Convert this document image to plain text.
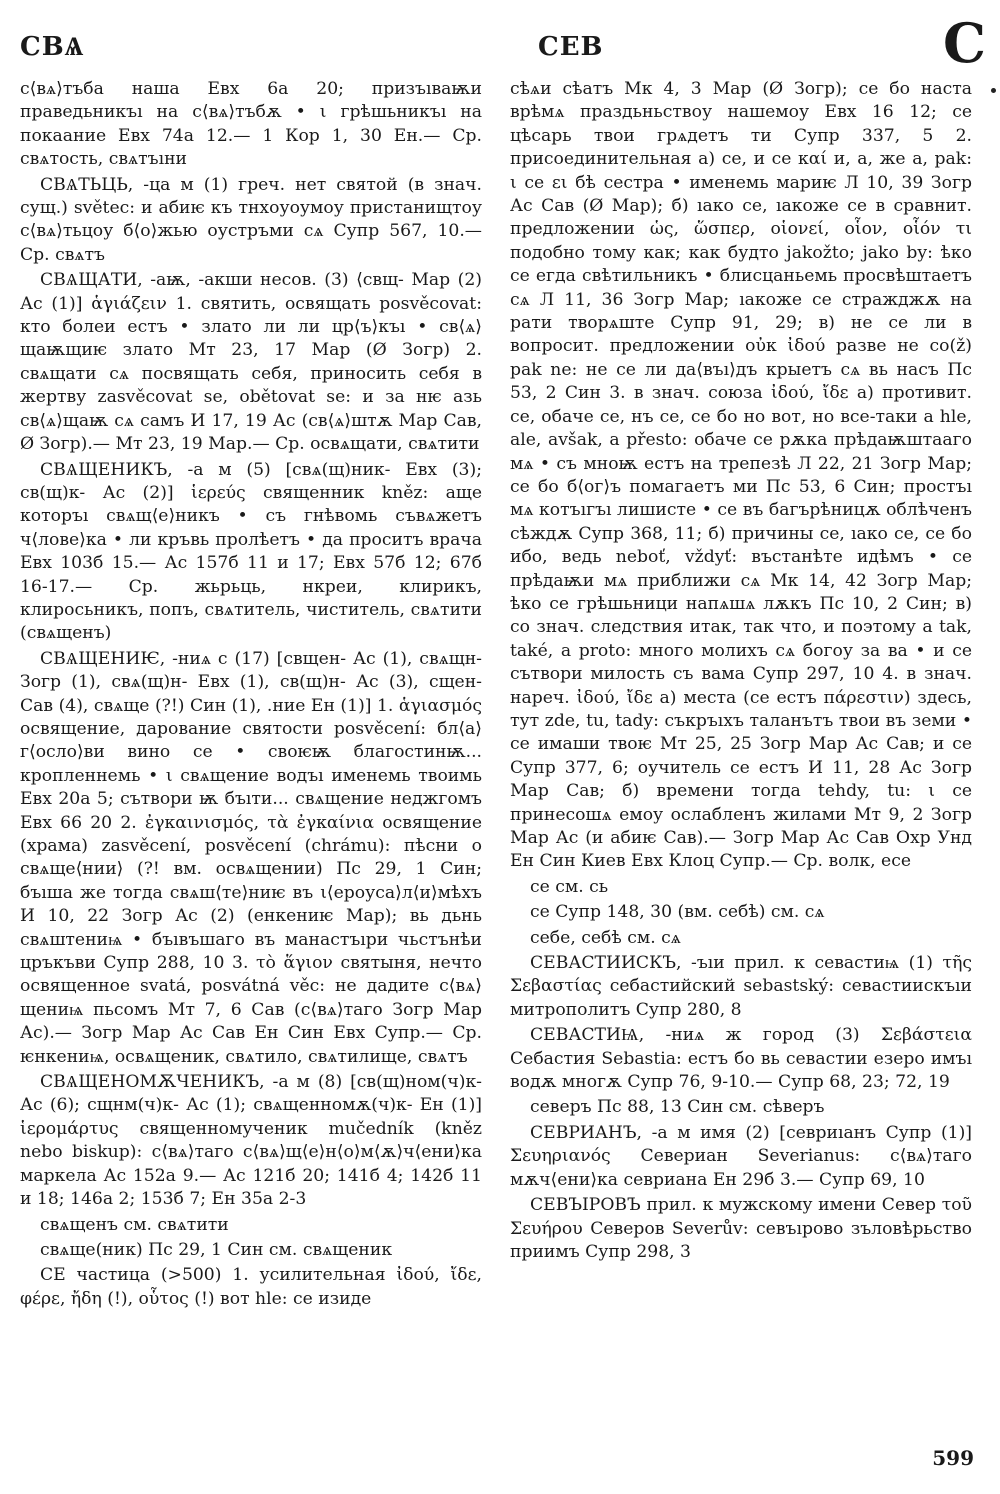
СВѦ	СЕВ	С

с⟨вѧ⟩тъба наша Евх 6а 20; призъıваѭи праведьникъı на с⟨вѧ⟩тъбѫ • ι грѣшьникъı на покаание Евх 74а 12.— 1 Кор 1, 30 Ен.— Ср. свѧтость, свѧтъıни

СВѦТЬЦЬ, -ца м (1) греч. нет святой (в знач. сущ.) světec: и абиѥ къ тнхоуоумоу пристанищтоу с⟨вѧ⟩тьцоу б⟨о⟩жью оустръми сѧ Супр 567, 10.— Ср. свѧтъ

СВѦЩАТИ, -аѭ, -акши несов. (3) ⟨свщ- Мар (2) Ас (1)] ἁγιάζειν 1. святить, освящать posvěcovat: кто болеи естъ • злато ли ли цр⟨ъ⟩къı • св⟨ѧ⟩щаѭщиѥ злато Мт 23, 17 Мар (Ø Зогр) 2. свѧщати сѧ посвящать себя, приносить себя в жертву zasvěcovat se, obětovat se: и за нѥ азь св⟨ѧ⟩щаѭ сѧ самъ И 17, 19 Ас (св⟨ѧ⟩штѫ Мар Сав, Ø Зогр).— Мт 23, 19 Мар.— Ср. освѧщати, свѧтити

СВѦЩЕНИКЪ, -а м (5) [свѧ(щ)ник- Евх (3); св(щ)к- Ас (2)] ἱερεύς священник kněz: аще которъı свѧщ⟨е⟩никъ • съ гнѣвомь съвѧжетъ ч⟨лове⟩ка • ли кръвь пролѣетъ • да проситъ врача Евх 103б 15.— Ас 157б 11 и 17; Евх 57б 12; 67б 16-17.— Ср. жьрьць, нкреи, клирикъ, клиросьникъ, попъ, свѧтитель, чиститель, свѧтити (свѧщенъ)

СВѦЩЕНИѤ, -ниѧ с (17) [свщен- Ас (1), свѧщн- Зогр (1), свѧ(щ)н- Евх (1), св(щ)н- Ас (3), сщен- Сав (4), свѧще (?!) Син (1), .ние Ен (1)] 1. ἁγιασμός освящение, дарование святости posvěcení: бл⟨а⟩г⟨осло⟩ви вино се • своѥѭ благостинѭ... кропленнемь • ι свѧщение водъı именемь твоимь Евх 20а 5; сътвори ѭ бъıти... свѧщение неджгомъ Евх 66 20 2. ἐγκαινισμός, τὰ ἐγκαίνια освящение (храма) zasvěcení, posvěcení (chrámu): пѣсни о свѧще⟨нии⟩ (?! вм. освѧщении) Пс 29, 1 Син; бъıша же тогда свѧш⟨те⟩ниѥ въ ι⟨ероуса⟩л⟨и⟩мѣхъ И 10, 22 Зогр Ас (2) (енкениѥ Мар); вь дьнь свѧштениѩ • бъıвъшаго въ манастъıри чьстънѣи цръкъви Супр 288, 10 3. τὸ ἅγιον святыня, нечто освященное svatá, posvátná věc: не дадите с⟨вѧ⟩щениѩ пьсомъ Мт 7, 6 Сав (с⟨вѧ⟩таго Зогр Мар Ас).— Зогр Мар Ас Сав Ен Син Евх Супр.— Ср. ѥнкениѩ, освѧщеник, свѧтило, свѧтилище, свѧтъ

СВѦЩЕНОМѪЧЕНИКЪ, -а м (8) [св(щ)ном(ч)к- Ас (6); сщнм(ч)к- Ас (1); свѧщенномѫ(ч)к- Ен (1)] ἱερομάρτυς священномученик mučedník (kněz nebo biskup): с⟨вѧ⟩таго с⟨вѧ⟩щ⟨е⟩н⟨о⟩м⟨ѫ⟩ч⟨ени⟩ка маркела Ас 152а 9.— Ас 121б 20; 141б 4; 142б 11 и 18; 146а 2; 153б 7; Ен 35а 2-3

свѧщенъ см. свѧтити

свѧще(ник) Пс 29, 1 Син см. свѧщеник

СЕ частица (>500) 1. усилительная ἰδού, ἴδε, φέρε, ἤδη (!), οὗτος (!) вот hle: се изиде

сѣѧи сѣатъ Мк 4, 3 Мар (Ø Зогр); се бо наста врѣмѧ праздьньствоу нашемоу Евх 16 12; се цѣсарь твои грѧдетъ ти Супр 337, 5 2. присоединительная а) се, и се καί и, а, же а, pak: ι се ει бѣ сестра • именемь мариѥ Л 10, 39 Зогр Ас Сав (Ø Мар); б) ıако се, ıакоже се в сравнит. предложении ὡς, ὥσπερ, οἱονεί, οἷον, οἷόν τι подобно тому как; как будто jakožto; jako by: ѣко се егда свѣтильникъ • блисцаньемь просвѣштаетъ сѧ Л 11, 36 Зогр Мар; ıакоже се стражджѫ на рати творѧште Супр 91, 29; в) не се ли в вопросит. предложении οὐκ ἰδού разве не co(ž) pak ne: не се ли да⟨въı⟩дъ крыетъ сѧ вь насъ Пс 53, 2 Син 3. в знач. союза ἰδού, ἴδε а) противит. се, обаче се, нъ се, се бо но вот, но все-таки a hle, ale, avšak, a přesto: обаче се рѫка прѣдаѭштаагo мѧ • съ мноѭ естъ на трепезѣ Л 22, 21 Зогр Мар; се бо б⟨ог⟩ъ помагаетъ ми Пс 53, 6 Син; простъı мѧ котъıгъı лишисте • се въ багърѣницѫ облѣченъ сѣждѫ Супр 368, 11; б) причины се, ıако се, се бо ибо, ведь neboť, vždyť: въстанѣте идѣмъ • се прѣдаѭи мѧ приближи сѧ Мк 14, 42 Зогр Мар; ѣко се грѣшьници напѧшѧ лѫкъ Пс 10, 2 Син; в) со знач. следствия итак, так что, и поэтому a tak, také, a proto: много молихъ сѧ богоу за ва • и се сътвори милость съ вама Супр 297, 10 4. в знач. нареч. ἰδού, ἴδε а) места (се естъ πάρεστιν) здесь, тут zde, tu, tady: съкръıхъ таланътъ твои въ земи • се имаши твоѥ Мт 25, 25 Зогр Мар Ас Сав; и се Супр 377, 6; оучитель се естъ И 11, 28 Ас Зогр Мар Сав; б) времени тогда tehdy, tu: ι се принесошѧ емоу ослабленъ жилами Мт 9, 2 Зогр Мар Ас (и абиѥ Сав).— Зогр Мар Ас Сав Охр Унд Ен Син Киев Евх Клоц Супр.— Ср. волк, есе

се см. сь

се Супр 148, 30 (вм. себѣ) см. сѧ

себе, себѣ см. сѧ

СЕВАСТИИСКЪ, -ъıи прил. к севастиѩ (1) τῆς Σεβαστίας себастийский sebastský: севастиискъıи митрополитъ Супр 280, 8

СЕВАСТИѨ, -ниѧ ж город (3) Σεβάστεια Себастия Sebastia: естъ бо вь севастии езеро имъı водѫ многѫ Супр 76, 9-10.— Супр 68, 23; 72, 19

северъ Пс 88, 13 Син см. сѣверъ

СЕВРИАНЪ, -а м имя (2) [севриıанъ Супр (1)] Σευηριανός Севериан Severianus: с⟨вѧ⟩таго мѫч⟨ени⟩ка севриана Ен 29б 3.— Супр 69, 10

СЕВЪIРОВЪ прил. к мужскому имени Север τοῦ Σευήρου Северов Severův: севъıрово зъловѣрьство приимъ Супр 298, 3

599
